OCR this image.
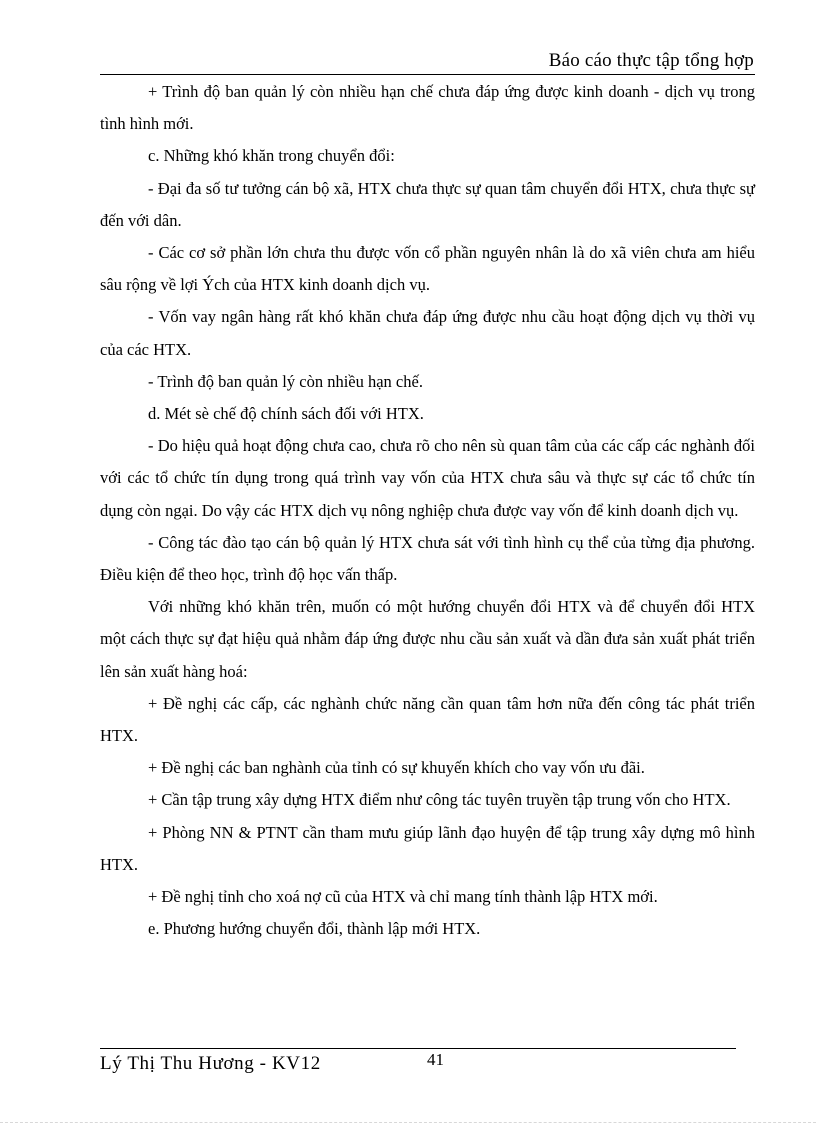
Báo cáo thực tập tổng hợp

+ Trình độ ban quản lý còn nhiều hạn chế chưa đáp ứng được kinh doanh - dịch vụ trong tình hình mới.

c. Những khó khăn trong chuyển đổi:

- Đại đa số tư tưởng cán bộ xã, HTX chưa thực sự quan tâm chuyển đổi HTX, chưa thực sự đến với dân.

- Các cơ sở phần lớn chưa thu được vốn cổ phần nguyên nhân là do xã viên chưa am hiểu sâu rộng về lợi Ých của HTX kinh doanh dịch vụ.

- Vốn vay ngân hàng rất khó khăn chưa đáp ứng được nhu cầu hoạt động dịch vụ thời vụ của các HTX.

- Trình độ ban quản lý còn nhiều hạn chế.

d. Mét sè chế độ chính sách đối với HTX.

- Do hiệu quả hoạt động chưa cao, chưa rõ cho nên sù quan tâm của các cấp các nghành đối với các tổ chức tín dụng trong quá trình vay vốn của HTX chưa sâu và thực sự các tổ chức tín dụng còn ngại. Do vậy các HTX dịch vụ nông nghiệp chưa được vay vốn để kinh doanh dịch vụ.

- Công tác đào tạo cán bộ quản lý HTX chưa sát với tình hình cụ thể của từng địa phương. Điều kiện để theo học, trình độ học vấn thấp.

Với những khó khăn trên, muốn có một hướng chuyển đổi HTX và để chuyển đổi HTX một cách thực sự đạt hiệu quả nhằm đáp ứng được nhu cầu sản xuất và dần đưa sản xuất phát triển lên sản xuất hàng hoá:

+ Đề nghị các cấp, các nghành chức năng cần quan tâm hơn nữa đến công tác phát triển HTX.

+ Đề nghị các ban nghành của tỉnh có sự khuyến khích cho vay vốn ưu đãi.

+ Cần tập trung xây dựng HTX điểm như công tác tuyên truyền tập trung vốn cho HTX.

+ Phòng NN & PTNT cần tham mưu giúp lãnh đạo huyện để tập trung xây dựng mô hình HTX.

+ Đề nghị tỉnh cho xoá nợ cũ của HTX và chỉ mang tính thành lập HTX mới.

e. Phương hướng chuyển đổi, thành lập mới HTX.

Lý Thị Thu Hương - KV12	41
